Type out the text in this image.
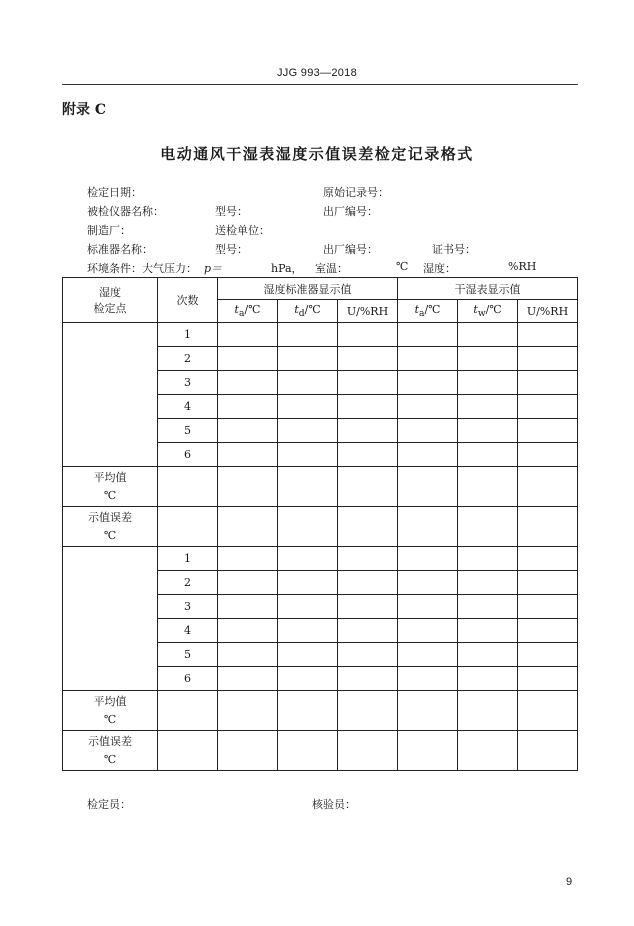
JJG 993—2018
附录 C
电动通风干湿表湿度示值误差检定记录格式
检定日期：	原始记录号：
被检仪器名称：	型号：	出厂编号：
制造厂：	送检单位：
标准器名称：	型号：	出厂编号：	证书号：
环境条件：大气压力： p＝	hPa， 室温：	℃ 湿度：	%RH
湿度
检定点	次数	湿度标准器显示值			干湿表显示值		
		$t_a/℃$	$t_d/℃$	U/%RH	$t_a/℃$	$t_w/℃$	U/%RH
	1						
	2						
	3						
	4						
	5						
	6						

平均值
℃							

示值误差
℃							

	1						
	2						
	3						
	4						
	5						
	6						

平均值
℃							

示值误差
℃							

检定员：	核验员：
9
